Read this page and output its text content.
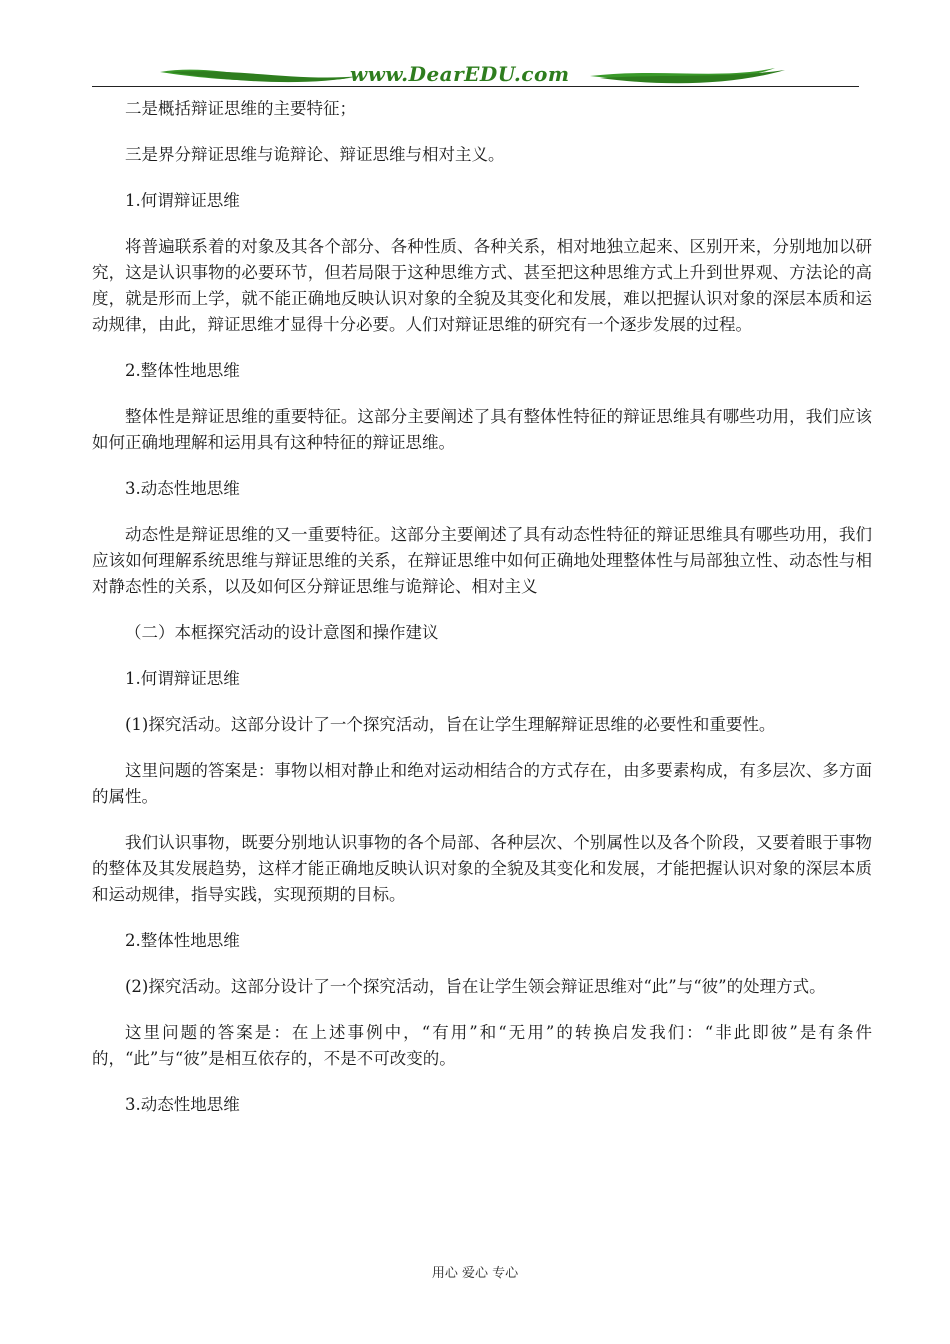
www.DearEDU.com

二是概括辩证思维的主要特征；

三是界分辩证思维与诡辩论、辩证思维与相对主义。

1.何谓辩证思维

将普遍联系着的对象及其各个部分、各种性质、各种关系，相对地独立起来、区别开来，分别地加以研究，这是认识事物的必要环节，但若局限于这种思维方式、甚至把这种思维方式上升到世界观、方法论的高度，就是形而上学，就不能正确地反映认识对象的全貌及其变化和发展，难以把握认识对象的深层本质和运动规律，由此，辩证思维才显得十分必要。人们对辩证思维的研究有一个逐步发展的过程。

2.整体性地思维

整体性是辩证思维的重要特征。这部分主要阐述了具有整体性特征的辩证思维具有哪些功用，我们应该如何正确地理解和运用具有这种特征的辩证思维。

3.动态性地思维

动态性是辩证思维的又一重要特征。这部分主要阐述了具有动态性特征的辩证思维具有哪些功用，我们应该如何理解系统思维与辩证思维的关系，在辩证思维中如何正确地处理整体性与局部独立性、动态性与相对静态性的关系，以及如何区分辩证思维与诡辩论、相对主义

（二）本框探究活动的设计意图和操作建议

1.何谓辩证思维

(1)探究活动。这部分设计了一个探究活动，旨在让学生理解辩证思维的必要性和重要性。

这里问题的答案是：事物以相对静止和绝对运动相结合的方式存在，由多要素构成，有多层次、多方面的属性。

我们认识事物，既要分别地认识事物的各个局部、各种层次、个别属性以及各个阶段，又要着眼于事物的整体及其发展趋势，这样才能正确地反映认识对象的全貌及其变化和发展，才能把握认识对象的深层本质和运动规律，指导实践，实现预期的目标。

2.整体性地思维

(2)探究活动。这部分设计了一个探究活动，旨在让学生领会辩证思维对“此”与“彼”的处理方式。

这里问题的答案是：在上述事例中，“有用”和“无用”的转换启发我们：“非此即彼”是有条件的，“此”与“彼”是相互依存的，不是不可改变的。

3.动态性地思维

用心 爱心 专心
